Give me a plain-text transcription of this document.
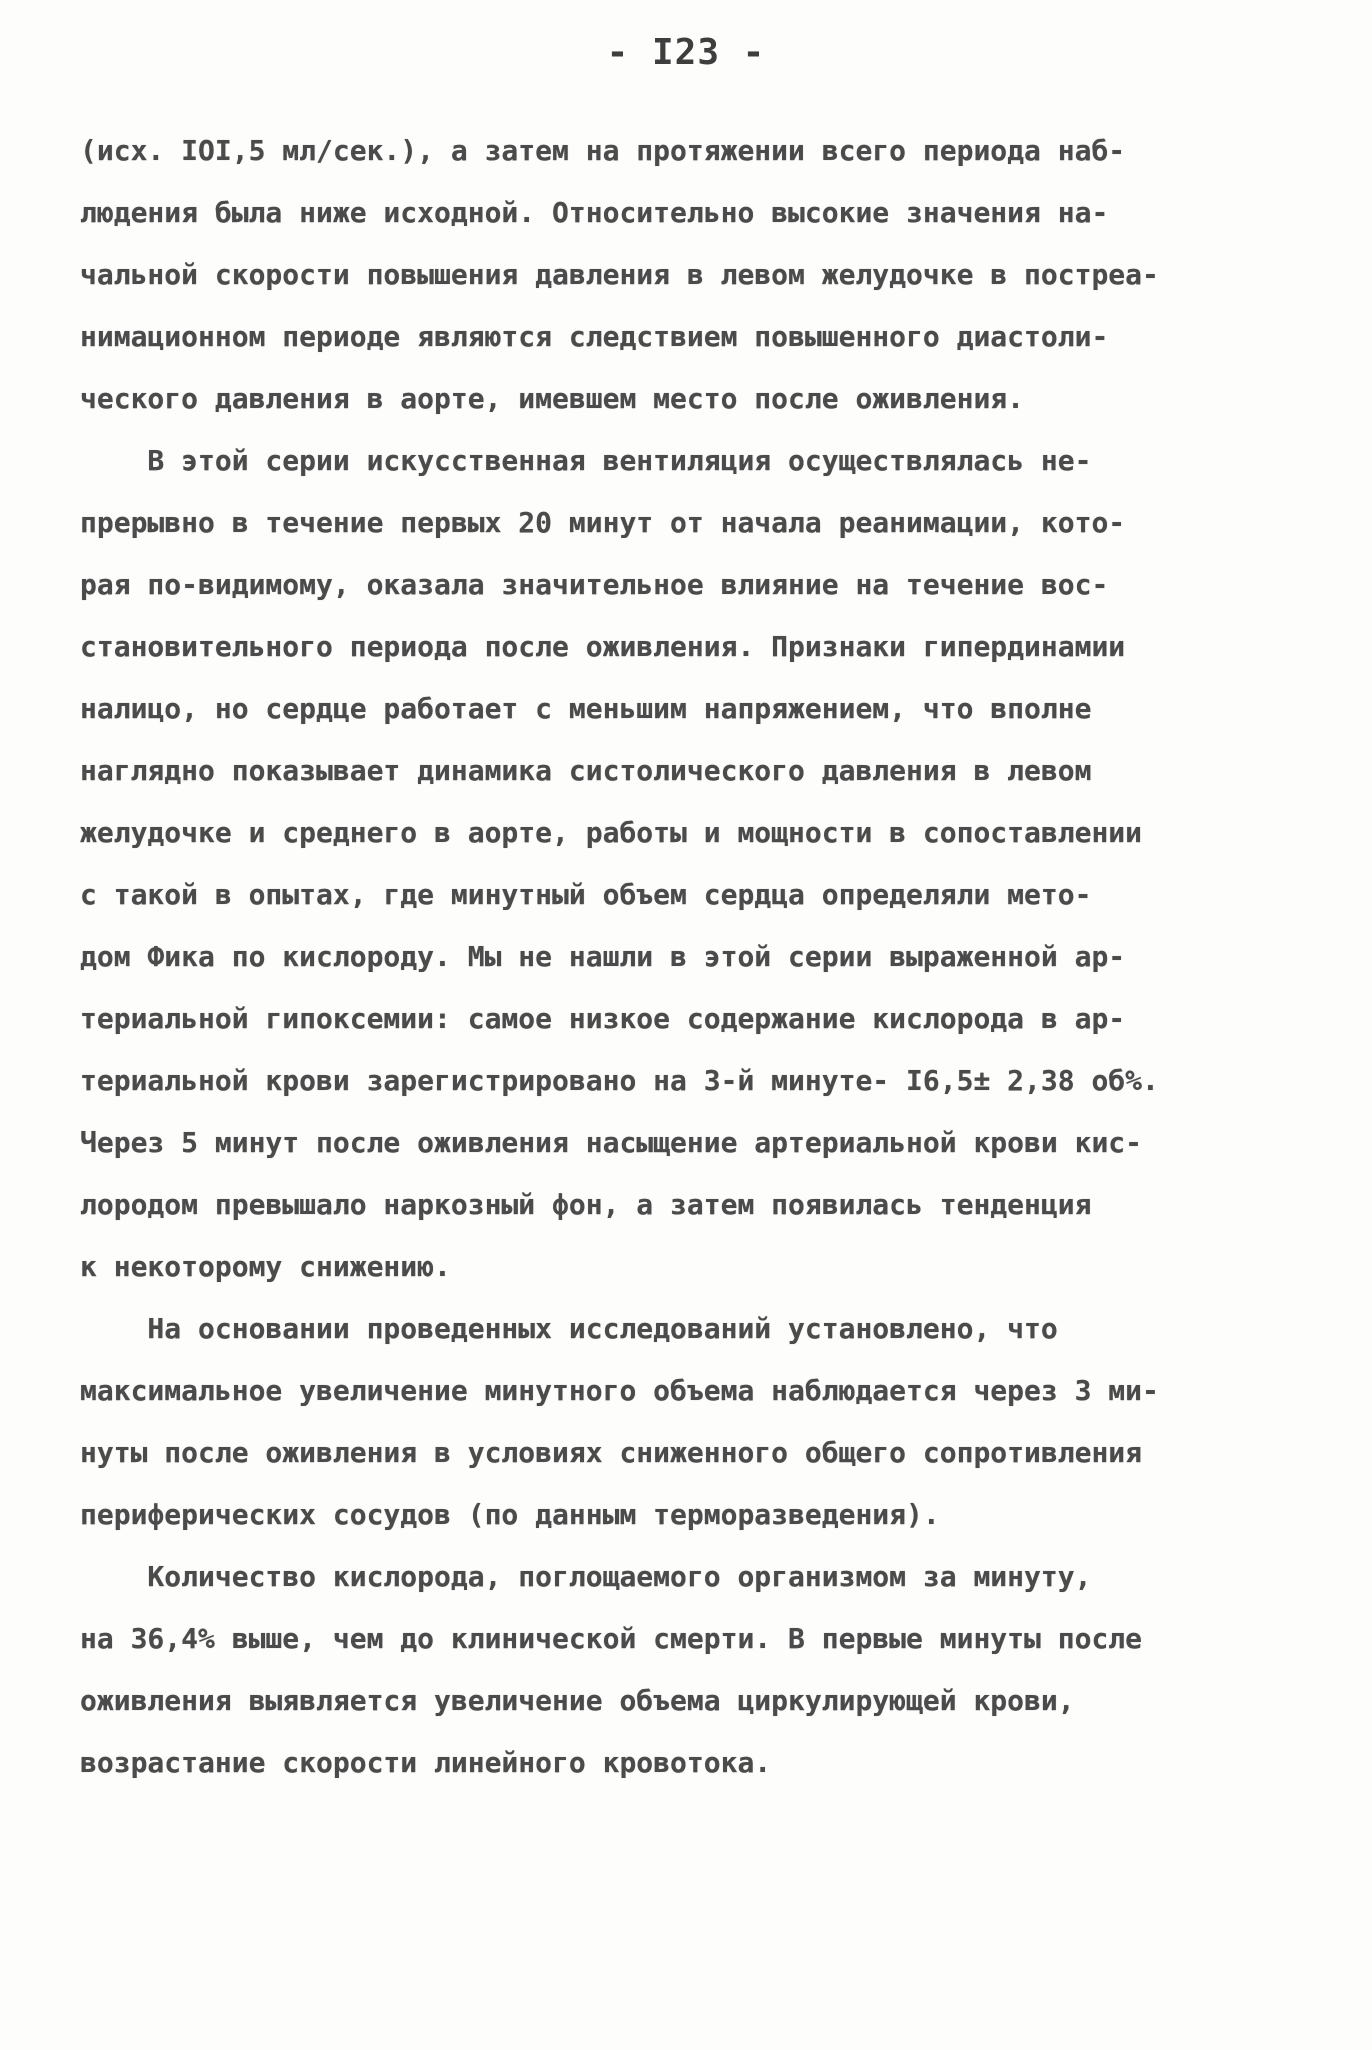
- I23 -
(исх. IOI,5 мл/сек.), а затем на протяжении всего периода наб-
людения была ниже исходной. Относительно высокие значения на-
чальной скорости повышения давления в левом желудочке в постреа-
нимационном периоде являются следствием повышенного диастоли-
ческого давления в аорте, имевшем место после оживления.
В этой серии искусственная вентиляция осуществлялась не-
прерывно в течение первых 20 минут от начала реанимации, кото-
рая по-видимому, оказала значительное влияние на течение вос-
становительного периода после оживления. Признаки гипердинамии
налицо, но сердце работает с меньшим напряжением, что вполне
наглядно показывает динамика систолического давления в левом
желудочке и среднего в аорте, работы и мощности в сопоставлении
с такой в опытах, где минутный объем сердца определяли мето-
дом Фика по кислороду. Мы не нашли в этой серии выраженной ар-
териальной гипоксемии: самое низкое содержание кислорода в ар-
териальной крови зарегистрировано на 3-й минуте- I6,5± 2,38 об%.
Через 5 минут после оживления насыщение артериальной крови кис-
лородом превышало наркозный фон, а затем появилась тенденция
к некоторому снижению.
На основании проведенных исследований установлено, что
максимальное увеличение минутного объема наблюдается через 3 ми-
нуты после оживления в условиях сниженного общего сопротивления
периферических сосудов (по данным терморазведения).
Количество кислорода, поглощаемого организмом за минуту,
на 36,4% выше, чем до клинической смерти. В первые минуты после
оживления выявляется увеличение объема циркулирующей крови,
возрастание скорости линейного кровотока.
